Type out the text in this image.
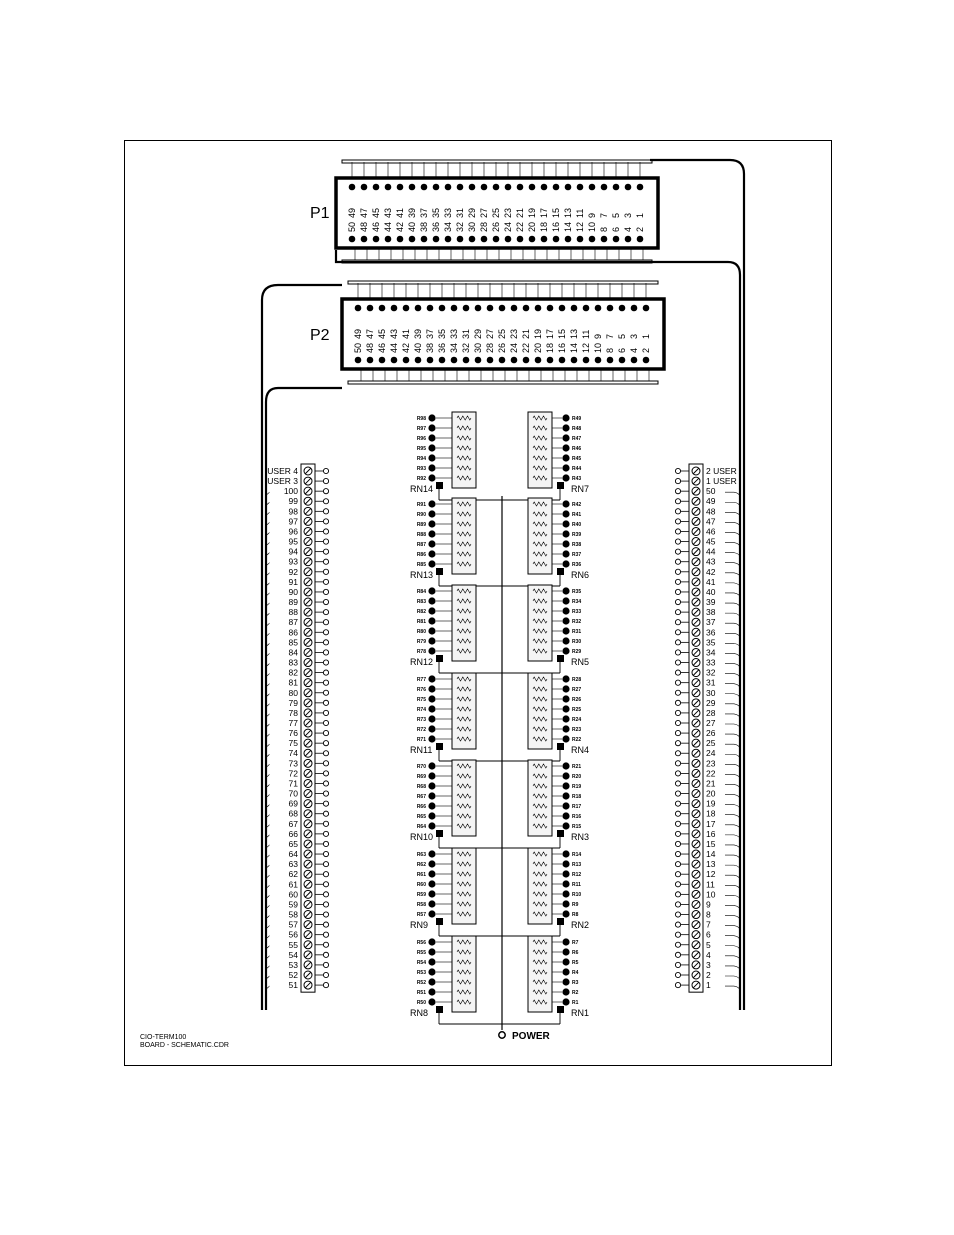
P1 49
50
47
48
45
46
43
44
41
42
39
40
37
38
35
36
33
34
31
32
29
30
27
28
25
26
23
24
21
22
19
20
17
18
15
16
13
14
11
12
9
10
7
8
5
6
3
4
1
2
P2	49
50
47
48
45
46
43
44
41
42
39
40
37
38
35
36
33
34
31
32
29
30
27
28
25
26
23
24
21
22
19
20
17
18
15
16
13
14
11
12
9
10
7
8
5
6
3
4
1
2
USER 4
USER 3
100
99
98
97
96
95
94
93
92
91
90
89
88
87
86
85
84
83
82
81
80
79
78
77
76
75
74
73
72
71
70
69
68
67
66
65
64
63
62
61
60
59
58
57
56
55
54
53
52
51
2 USER
1 USER
50
49
48
47
46
45
44
43
42
41
40
39
38
37
36
35
34
33
32
31
30
29
28
27
26
25
24
23
22
21
20
19
18
17
16
15
14
13
12
11
10
9
8
7
6
5
4
3
2
1
R98
R97
R96
R95
R94
R93
R92
RN14
R91
R90
R89
R88
R87
R86
R85
RN13
R84
R83
R82
R81
R80
R79
R78
RN12
R77
R76
R75
R74
R73
R72
R71
RN11
R70
R69
R68
R67
R66
R65
R64
RN10
R63
R62
R61
R60
R59
R58
R57
RN9
R56
R55
R54
R53
R52
R51
R50
RN8
R49
R48
R47
R46
R45
R44
R43
RN7
R42
R41
R40
R39
R38
R37
R36
RN6
R35
R34
R33
R32
R31
R30
R29
RN5
R28
R27
R26
R25
R24
R23
R22
RN4
R21
R20
R19
R18
R17
R16
R15
RN3
R14
R13
R12
R11
R10
R9
R8
RN2
R7
R6
R5
R4
R3
R2
R1
RN1
POWER
CIO-TERM100
BOARD - SCHEMATIC.CDR
